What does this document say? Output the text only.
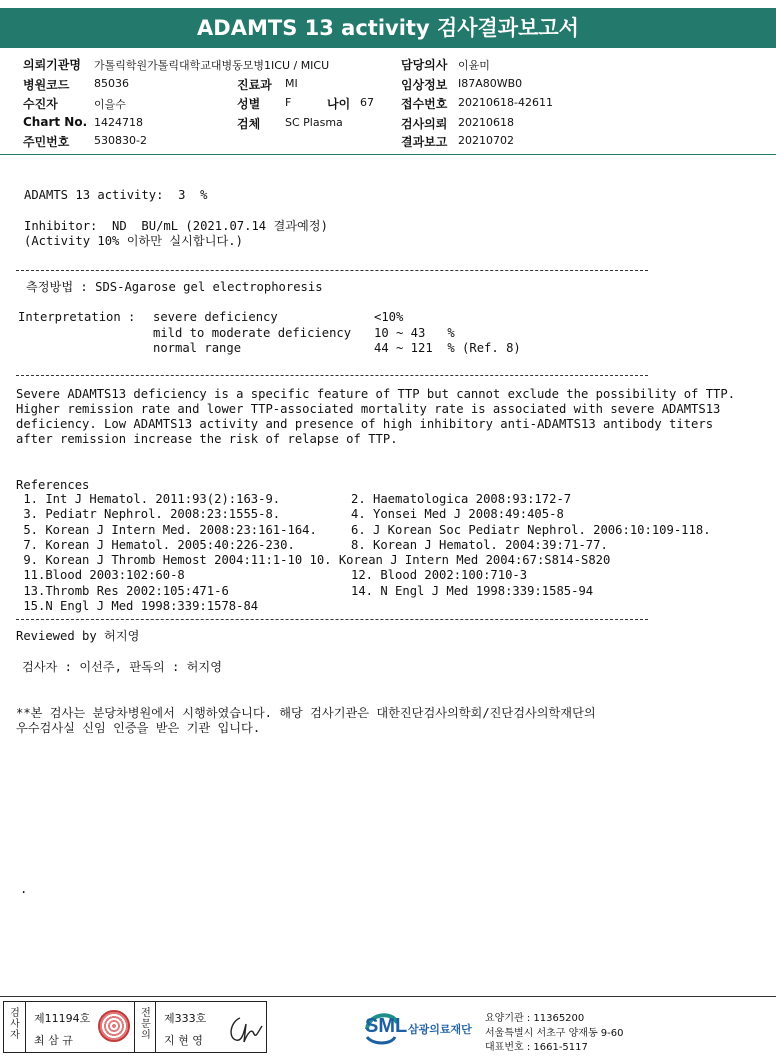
ADAMTS 13 activity 검사결과보고서
의뢰기관명 가톨릭학원가톨릭대학교대병동모병1ICU / MICU	담당의사 이윤미
병원코드 85036	진료과 MI	임상정보 I87A80WB0
수진자	이을수	성별 F	나이 67 접수번호 20210618-42611
Chart No. 1424718	검체 SC Plasma	검사의뢰 20210618
주민번호 530830-2	결과보고 20210702
ADAMTS 13 activity:  3  %
Inhibitor:  ND  BU/mL (2021.07.14 결과예정)
(Activity 10% 이하만 실시합니다.)
측정방법 : SDS-Agarose gel electrophoresis
Interpretation : severe deficiency	<10%
mild to moderate deficiency 10 ~ 43   %
normal range	44 ~ 121  % (Ref. 8)
Severe ADAMTS13 deficiency is a specific feature of TTP but cannot exclude the possibility of TTP.
Higher remission rate and lower TTP-associated mortality rate is associated with severe ADAMTS13
deficiency. Low ADAMTS13 activity and presence of high inhibitory anti-ADAMTS13 antibody titers
after remission increase the risk of relapse of TTP.
References
1. Int J Hematol. 2011:93(2):163-9.	2. Haematologica 2008:93:172-7
3. Pediatr Nephrol. 2008:23:1555-8.	4. Yonsei Med J 2008:49:405-8
5. Korean J Intern Med. 2008:23:161-164.	6. J Korean Soc Pediatr Nephrol. 2006:10:109-118.
7. Korean J Hematol. 2005:40:226-230.	8. Korean J Hematol. 2004:39:71-77.
9. Korean J Thromb Hemost 2004:11:1-10 10. Korean J Intern Med 2004:67:S814-S820
11.Blood 2003:102:60-8	12. Blood 2002:100:710-3
13.Thromb Res 2002:105:471-6	14. N Engl J Med 1998:339:1585-94
15.N Engl J Med 1998:339:1578-84
Reviewed by 허지영
검사자 : 이선주, 판독의 : 허지영
**본 검사는 분당차병원에서 시행하였습니다. 해당 검사기관은 대한진단검사의학회/진단검사의학재단의
우수검사실 신임 인증을 받은 기관 입니다.
.
검
사
자
제11194호
최 삼 규
전
문
의
제333호
지 현 영
SML 삼광의료재단
요양기관 : 11365200
서울특별시 서초구 양재동 9-60
대표번호 : 1661-5117
